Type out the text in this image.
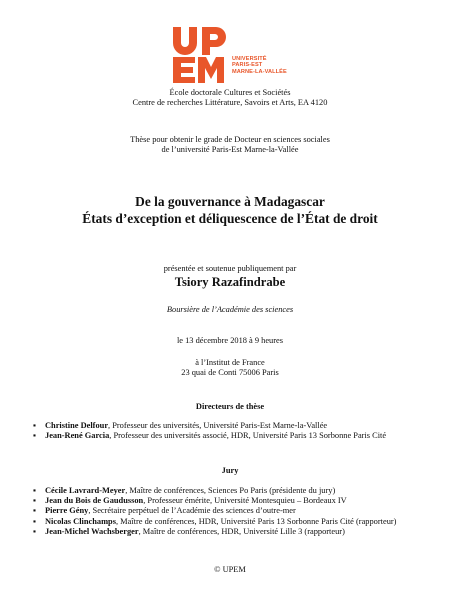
UNIVERSITÉ
PARIS-EST
MARNE-LA-VALLÉE
École doctorale Cultures et Sociétés
Centre de recherches Littérature, Savoirs et Arts, EA 4120
Thèse pour obtenir le grade de Docteur en sciences sociales
de l’université Paris-Est Marne-la-Vallée
De la gouvernance à Madagascar
États d’exception et déliquescence de l’État de droit
présentée et soutenue publiquement par
Tsiory Razafindrabe
Boursière de l’Académie des sciences
le 13 décembre 2018 à 9 heures
à l’Institut de France
23 quai de Conti 75006 Paris
Directeurs de thèse
▪ Christine Delfour, Professeur des universités, Université Paris-Est Marne-la-Vallée
▪ Jean-René Garcia, Professeur des universités associé, HDR, Université Paris 13 Sorbonne Paris Cité
Jury
▪ Cécile Lavrard-Meyer, Maître de conférences, Sciences Po Paris (présidente du jury)
▪ Jean du Bois de Gaudusson, Professeur émérite, Université Montesquieu – Bordeaux IV
▪ Pierre Gény, Secrétaire perpétuel de l’Académie des sciences d’outre-mer
▪ Nicolas Clinchamps, Maître de conférences, HDR, Université Paris 13 Sorbonne Paris Cité (rapporteur)
▪ Jean-Michel Wachsberger, Maître de conférences, HDR, Université Lille 3 (rapporteur)
© UPEM
